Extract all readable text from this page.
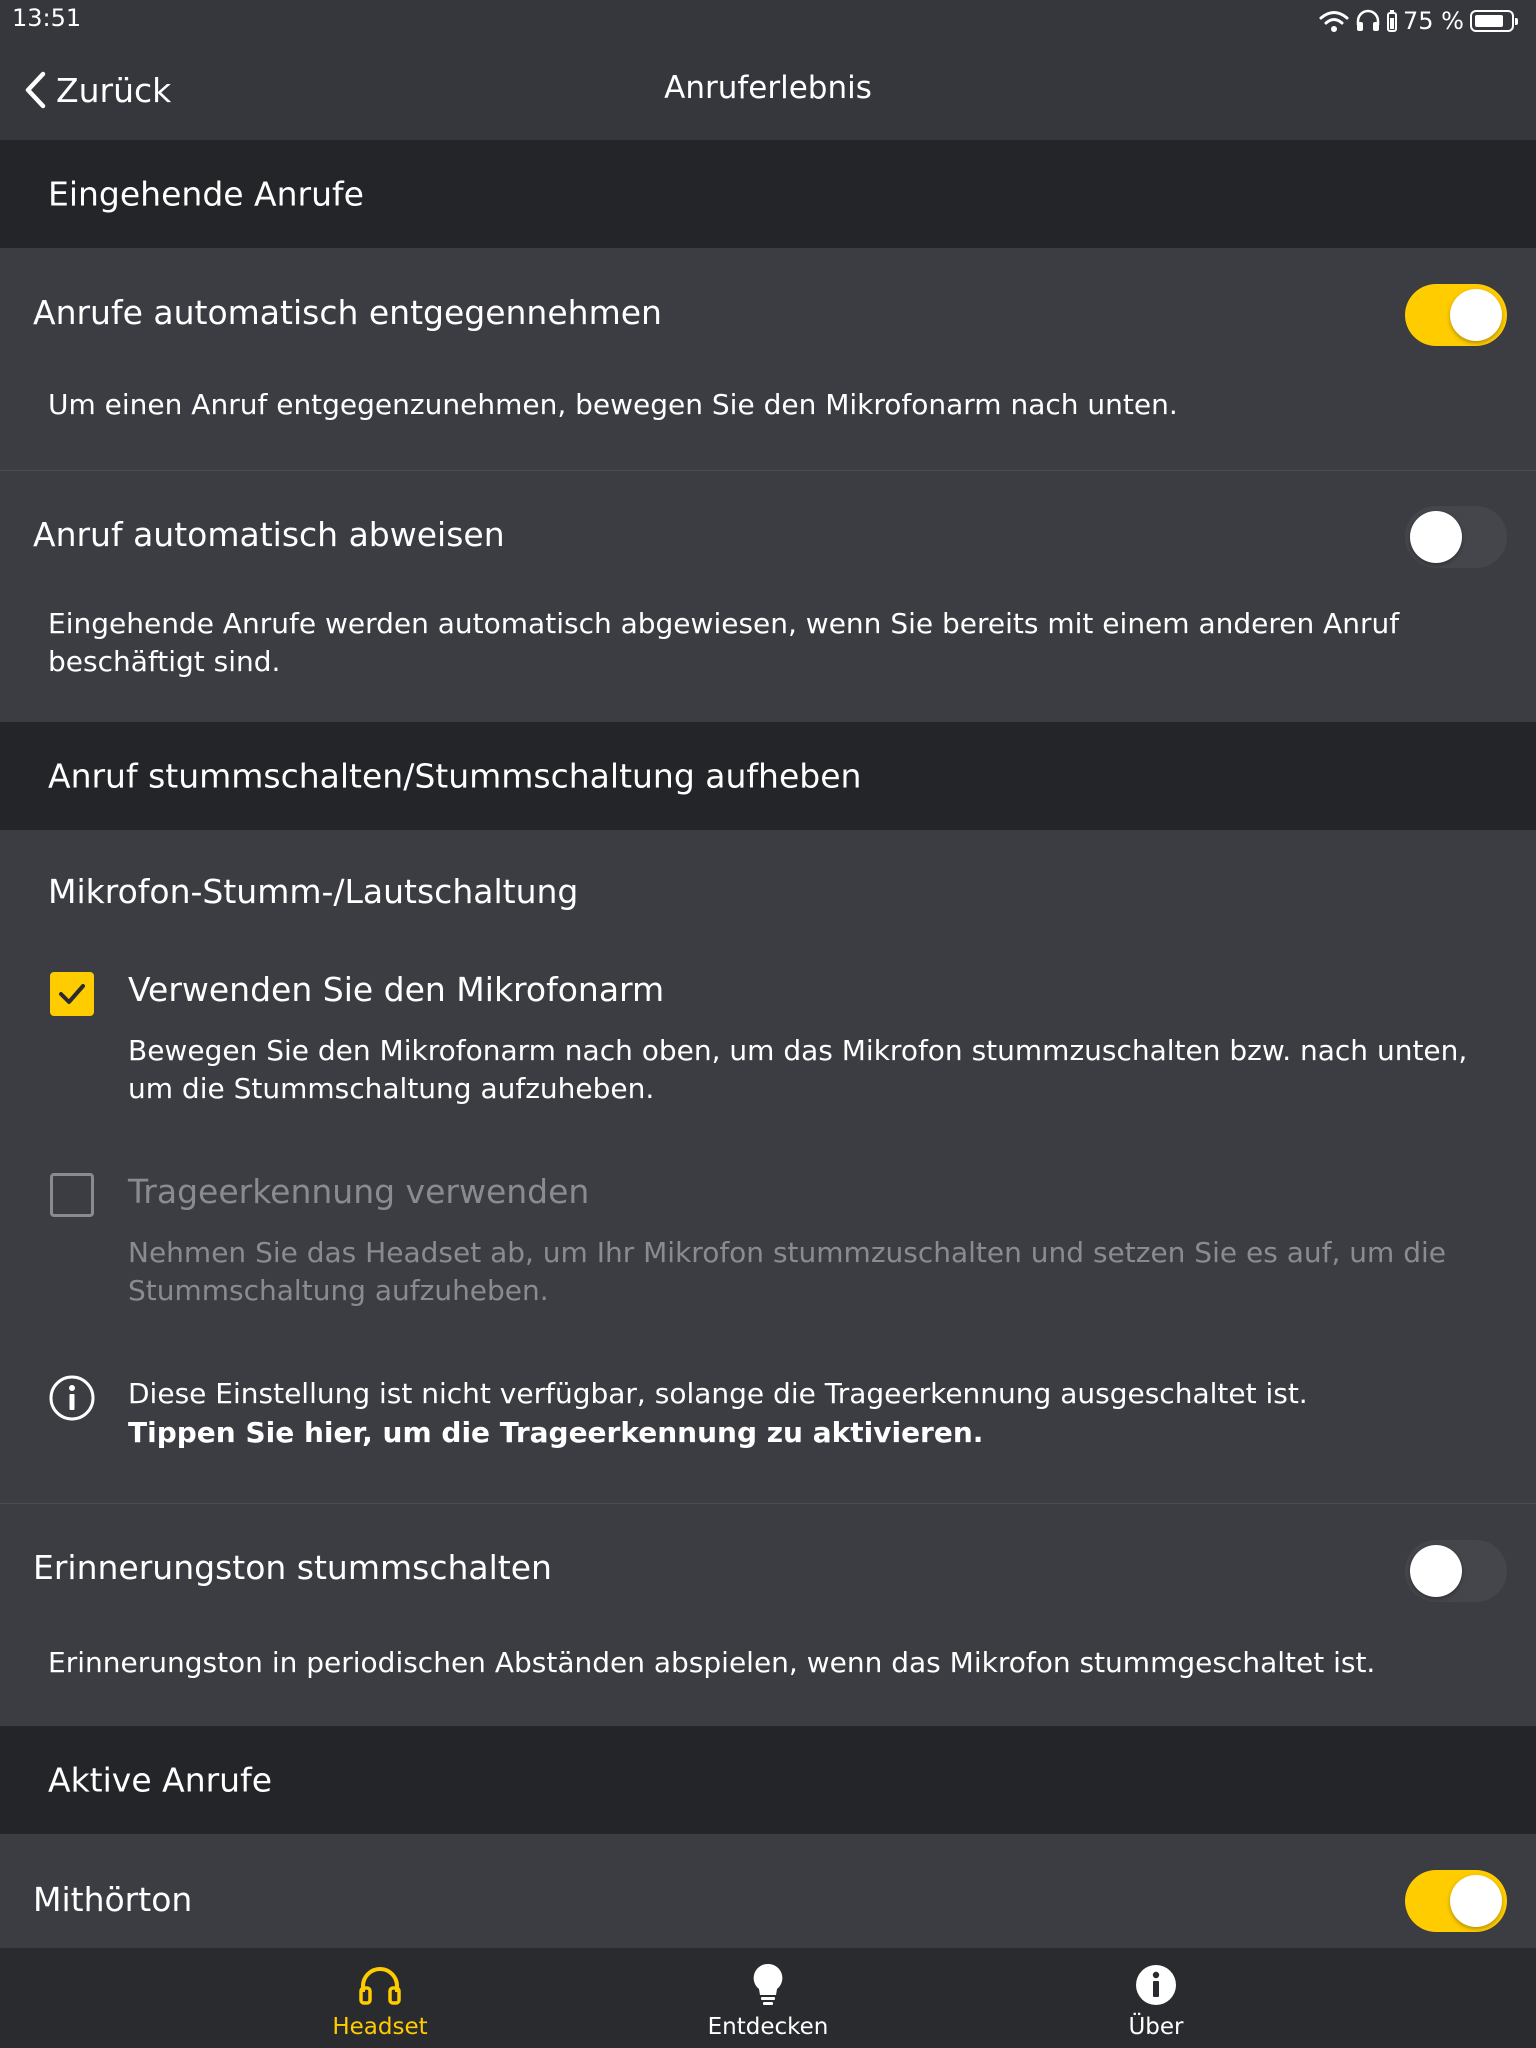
13:51	75 %
Zurück	Anruferlebnis
Eingehende Anrufe
Anrufe automatisch entgegennehmen
Um einen Anruf entgegenzunehmen, bewegen Sie den Mikrofonarm nach unten.
Anruf automatisch abweisen
Eingehende Anrufe werden automatisch abgewiesen, wenn Sie bereits mit einem anderen Anruf beschäftigt sind.
Anruf stummschalten/Stummschaltung aufheben
Mikrofon-Stumm-/Lautschaltung
Verwenden Sie den Mikrofonarm
Bewegen Sie den Mikrofonarm nach oben, um das Mikrofon stummzuschalten bzw. nach unten, um die Stummschaltung aufzuheben.
Trageerkennung verwenden
Nehmen Sie das Headset ab, um Ihr Mikrofon stummzuschalten und setzen Sie es auf, um die Stummschaltung aufzuheben.
Diese Einstellung ist nicht verfügbar, solange die Trageerkennung ausgeschaltet ist.
Tippen Sie hier, um die Trageerkennung zu aktivieren.
Erinnerungston stummschalten
Erinnerungston in periodischen Abständen abspielen, wenn das Mikrofon stummgeschaltet ist.
Aktive Anrufe
Mithörton
Headset	Entdecken	Über
